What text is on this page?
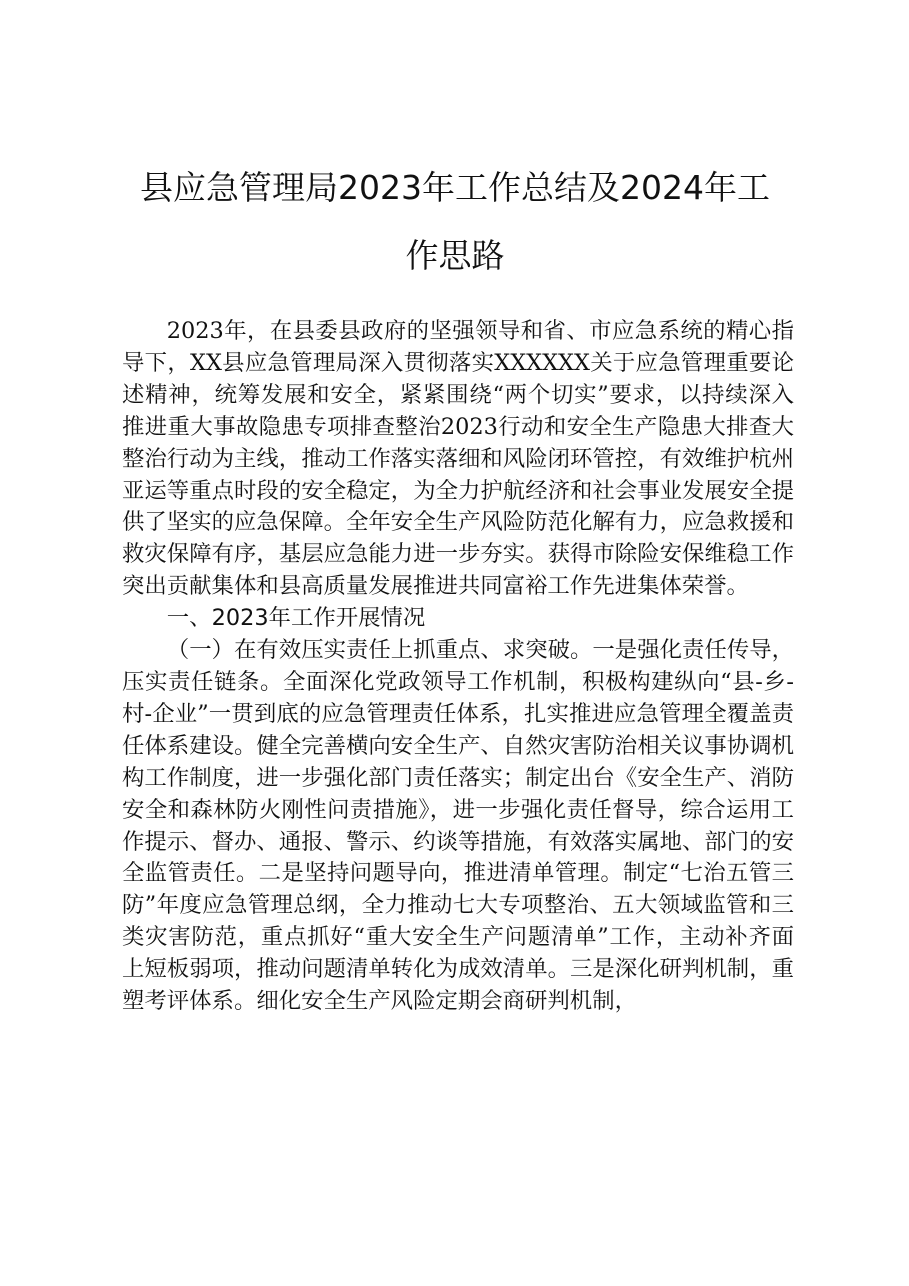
县应急管理局2023年工作总结及2024年工
作思路

2023年，在县委县政府的坚强领导和省、市应急系统的精心指导下，XX县应急管理局深入贯彻落实XXXXXX关于应急管理重要论述精神，统筹发展和安全，紧紧围绕“两个切实”要求，以持续深入推进重大事故隐患专项排查整治2023行动和安全生产隐患大排查大整治行动为主线，推动工作落实落细和风险闭环管控，有效维护杭州亚运等重点时段的安全稳定，为全力护航经济和社会事业发展安全提供了坚实的应急保障。全年安全生产风险防范化解有力，应急救援和救灾保障有序，基层应急能力进一步夯实。获得市除险安保维稳工作突出贡献集体和县高质量发展推进共同富裕工作先进集体荣誉。

一、2023年工作开展情况

（一）在有效压实责任上抓重点、求突破。一是强化责任传导，压实责任链条。全面深化党政领导工作机制，积极构建纵向“县-乡-村-企业”一贯到底的应急管理责任体系，扎实推进应急管理全覆盖责任体系建设。健全完善横向安全生产、自然灾害防治相关议事协调机构工作制度，进一步强化部门责任落实；制定出台《安全生产、消防安全和森林防火刚性问责措施》，进一步强化责任督导，综合运用工作提示、督办、通报、警示、约谈等措施，有效落实属地、部门的安全监管责任。二是坚持问题导向，推进清单管理。制定“七治五管三防”年度应急管理总纲，全力推动七大专项整治、五大领域监管和三类灾害防范，重点抓好“重大安全生产问题清单”工作，主动补齐面上短板弱项，推动问题清单转化为成效清单。三是深化研判机制，重塑考评体系。细化安全生产风险定期会商研判机制，
